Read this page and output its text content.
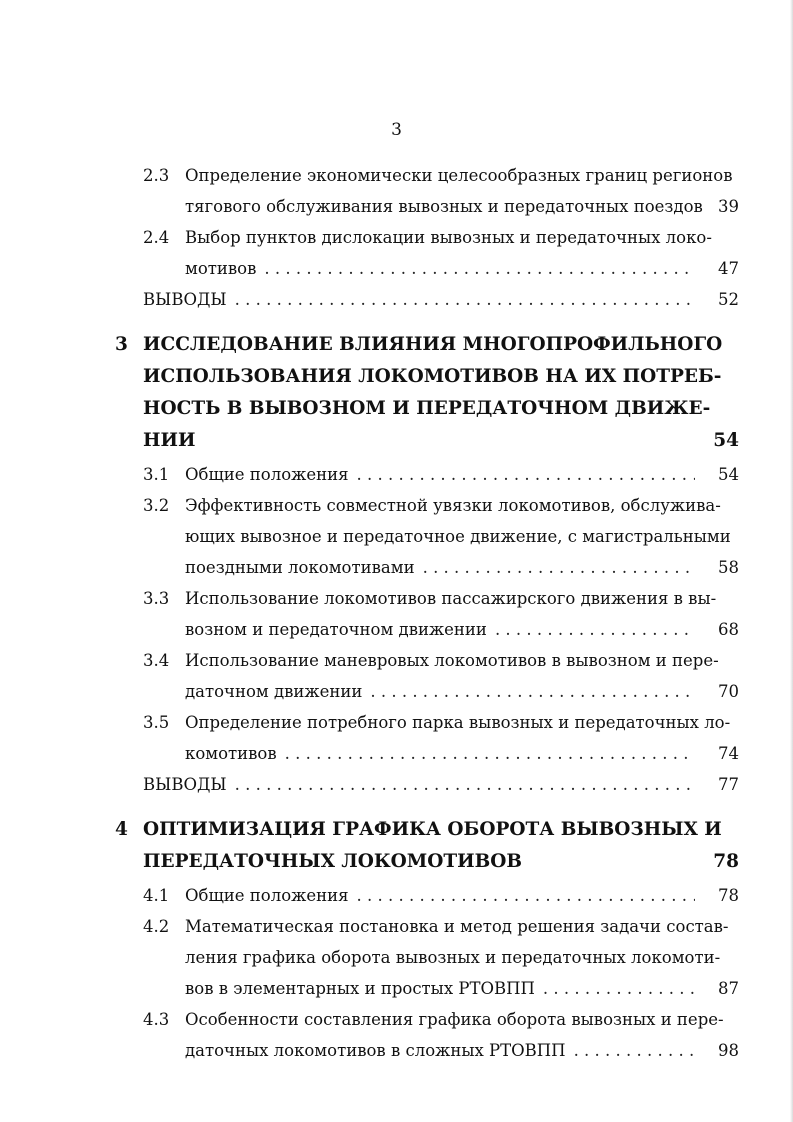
3
2.3 Определение экономически целесообразных границ регионов
тягового обслуживания вывозных и передаточных поездов 39
2.4 Выбор пунктов дислокации вывозных и передаточных локо-
мотивов . . .	47
ВЫВОДЫ . . .	52
3 ИССЛЕДОВАНИЕ ВЛИЯНИЯ МНОГОПРОФИЛЬНОГО
ИСПОЛЬЗОВАНИЯ ЛОКОМОТИВОВ НА ИХ ПОТРЕБ-
НОСТЬ В ВЫВОЗНОМ И ПЕРЕДАТОЧНОМ ДВИЖЕ-
НИИ	54
3.1 Общие положения . . .	54
3.2 Эффективность совместной увязки локомотивов, обслужива-
ющих вывозное и передаточное движение, с магистральными
поездными локомотивами . . .	58
3.3 Использование локомотивов пассажирского движения в вы-
возном и передаточном движении . . .	68
3.4 Использование маневровых локомотивов в вывозном и пере-
даточном движении . . .	70
3.5 Определение потребного парка вывозных и передаточных ло-
комотивов . . .	74
ВЫВОДЫ . . .	77
4 ОПТИМИЗАЦИЯ ГРАФИКА ОБОРОТА ВЫВОЗНЫХ И
ПЕРЕДАТОЧНЫХ ЛОКОМОТИВОВ	78
4.1 Общие положения . . .	78
4.2 Математическая постановка и метод решения задачи состав-
ления графика оборота вывозных и передаточных локомоти-
вов в элементарных и простых РТОВПП . . .	87
4.3 Особенности составления графика оборота вывозных и пере-
даточных локомотивов в сложных РТОВПП . . .	98
